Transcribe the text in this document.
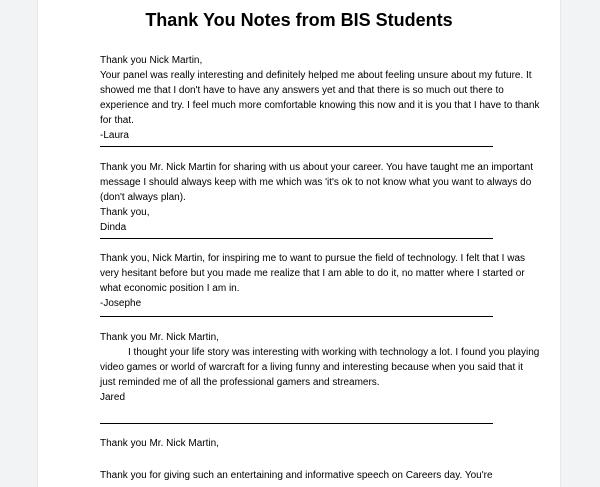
Thank You Notes from BIS Students

Thank you Nick Martin,

Your panel was really interesting and definitely helped me about feeling unsure about my future. It showed me that I don't have to have any answers yet and that there is so much out there to experience and try. I feel much more comfortable knowing this now and it is you that I have to thank for that.

-Laura

Thank you Mr. Nick Martin for sharing with us about your career. You have taught me an important message I should always keep with me which was 'it's ok to not know what you want to always do (don't always plan).

Thank you,

Dinda

Thank you, Nick Martin, for inspiring me to want to pursue the field of technology. I felt that I was very hesitant before but you made me realize that I am able to do it, no matter where I started or what economic position I am in.

-Josephe

Thank you Mr. Nick Martin,

I thought your life story was interesting with working with technology a lot. I found you playing video games or world of warcraft for a living funny and interesting because when you said that it just reminded me of all the professional gamers and streamers.

Jared

Thank you Mr. Nick Martin,
Thank you for giving such an entertaining and informative speech on Careers day. You're
